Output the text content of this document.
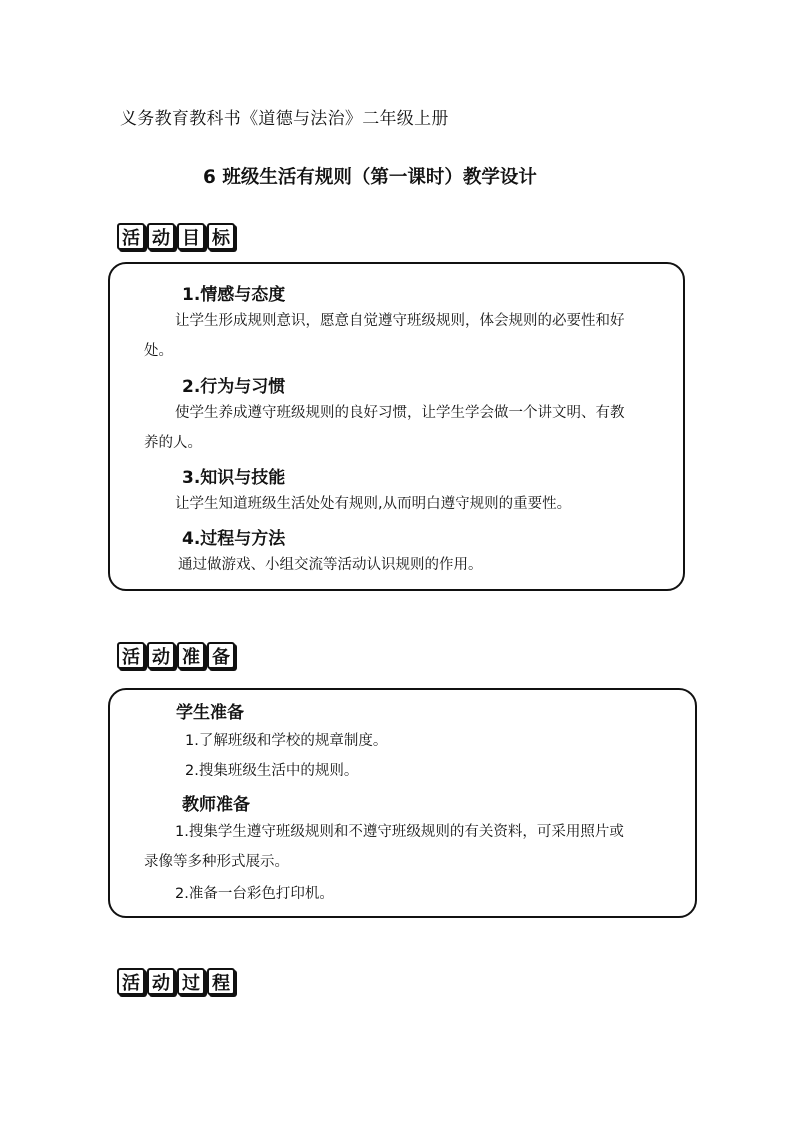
义务教育教科书《道德与法治》二年级上册
6 班级生活有规则（第一课时）教学设计
活 动 目 标
1.情感与态度
让学生形成规则意识，愿意自觉遵守班级规则，体会规则的必要性和好
处。
2.行为与习惯
使学生养成遵守班级规则的良好习惯，让学生学会做一个讲文明、有教
养的人。
3.知识与技能
让学生知道班级生活处处有规则,从而明白遵守规则的重要性。
4.过程与方法
通过做游戏、小组交流等活动认识规则的作用。
活 动 准 备
学生准备
1.了解班级和学校的规章制度。
2.搜集班级生活中的规则。
教师准备
1.搜集学生遵守班级规则和不遵守班级规则的有关资料，可采用照片或
录像等多种形式展示。
2.准备一台彩色打印机。
活 动 过 程
